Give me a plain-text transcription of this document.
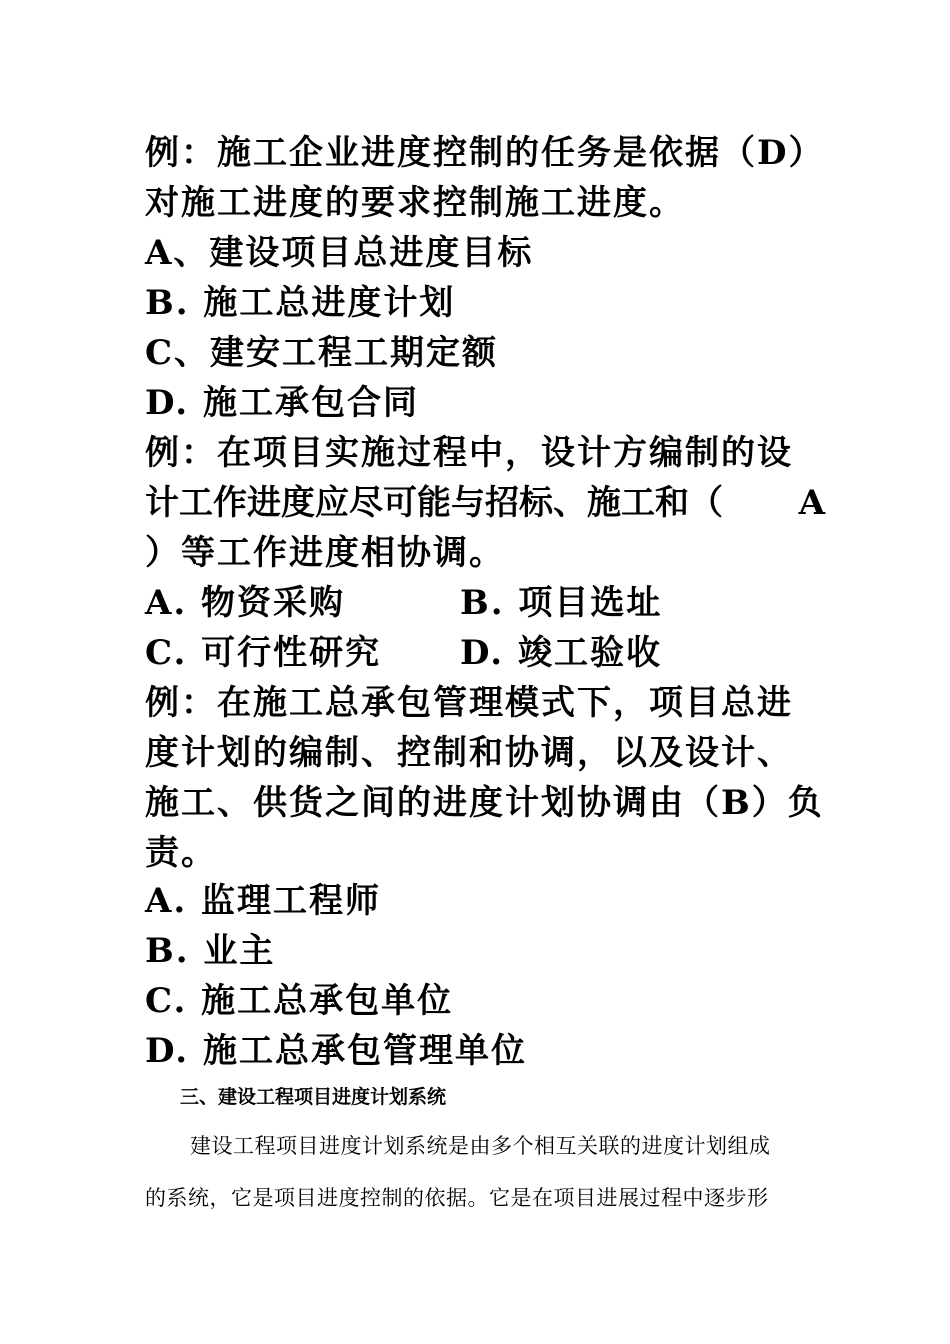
例：施工企业进度控制的任务是依据（D）
对施工进度的要求控制施工进度。
A、建设项目总进度目标
B. 施工总进度计划
C、建安工程工期定额
D. 施工承包合同
例：在项目实施过程中，设计方编制的设
计工作进度应尽可能与招标、施工和（ A
）等工作进度相协调。
A. 物资采购	B. 项目选址
C. 可行性研究 D. 竣工验收
例：在施工总承包管理模式下，项目总进
度计划的编制、控制和协调，以及设计、
施工、供货之间的进度计划协调由（B）负
责。
A. 监理工程师
B. 业主
C. 施工总承包单位
D. 施工总承包管理单位
三、建设工程项目进度计划系统
建设工程项目进度计划系统是由多个相互关联的进度计划组成
的系统，它是项目进度控制的依据。它是在项目进展过程中逐步形
